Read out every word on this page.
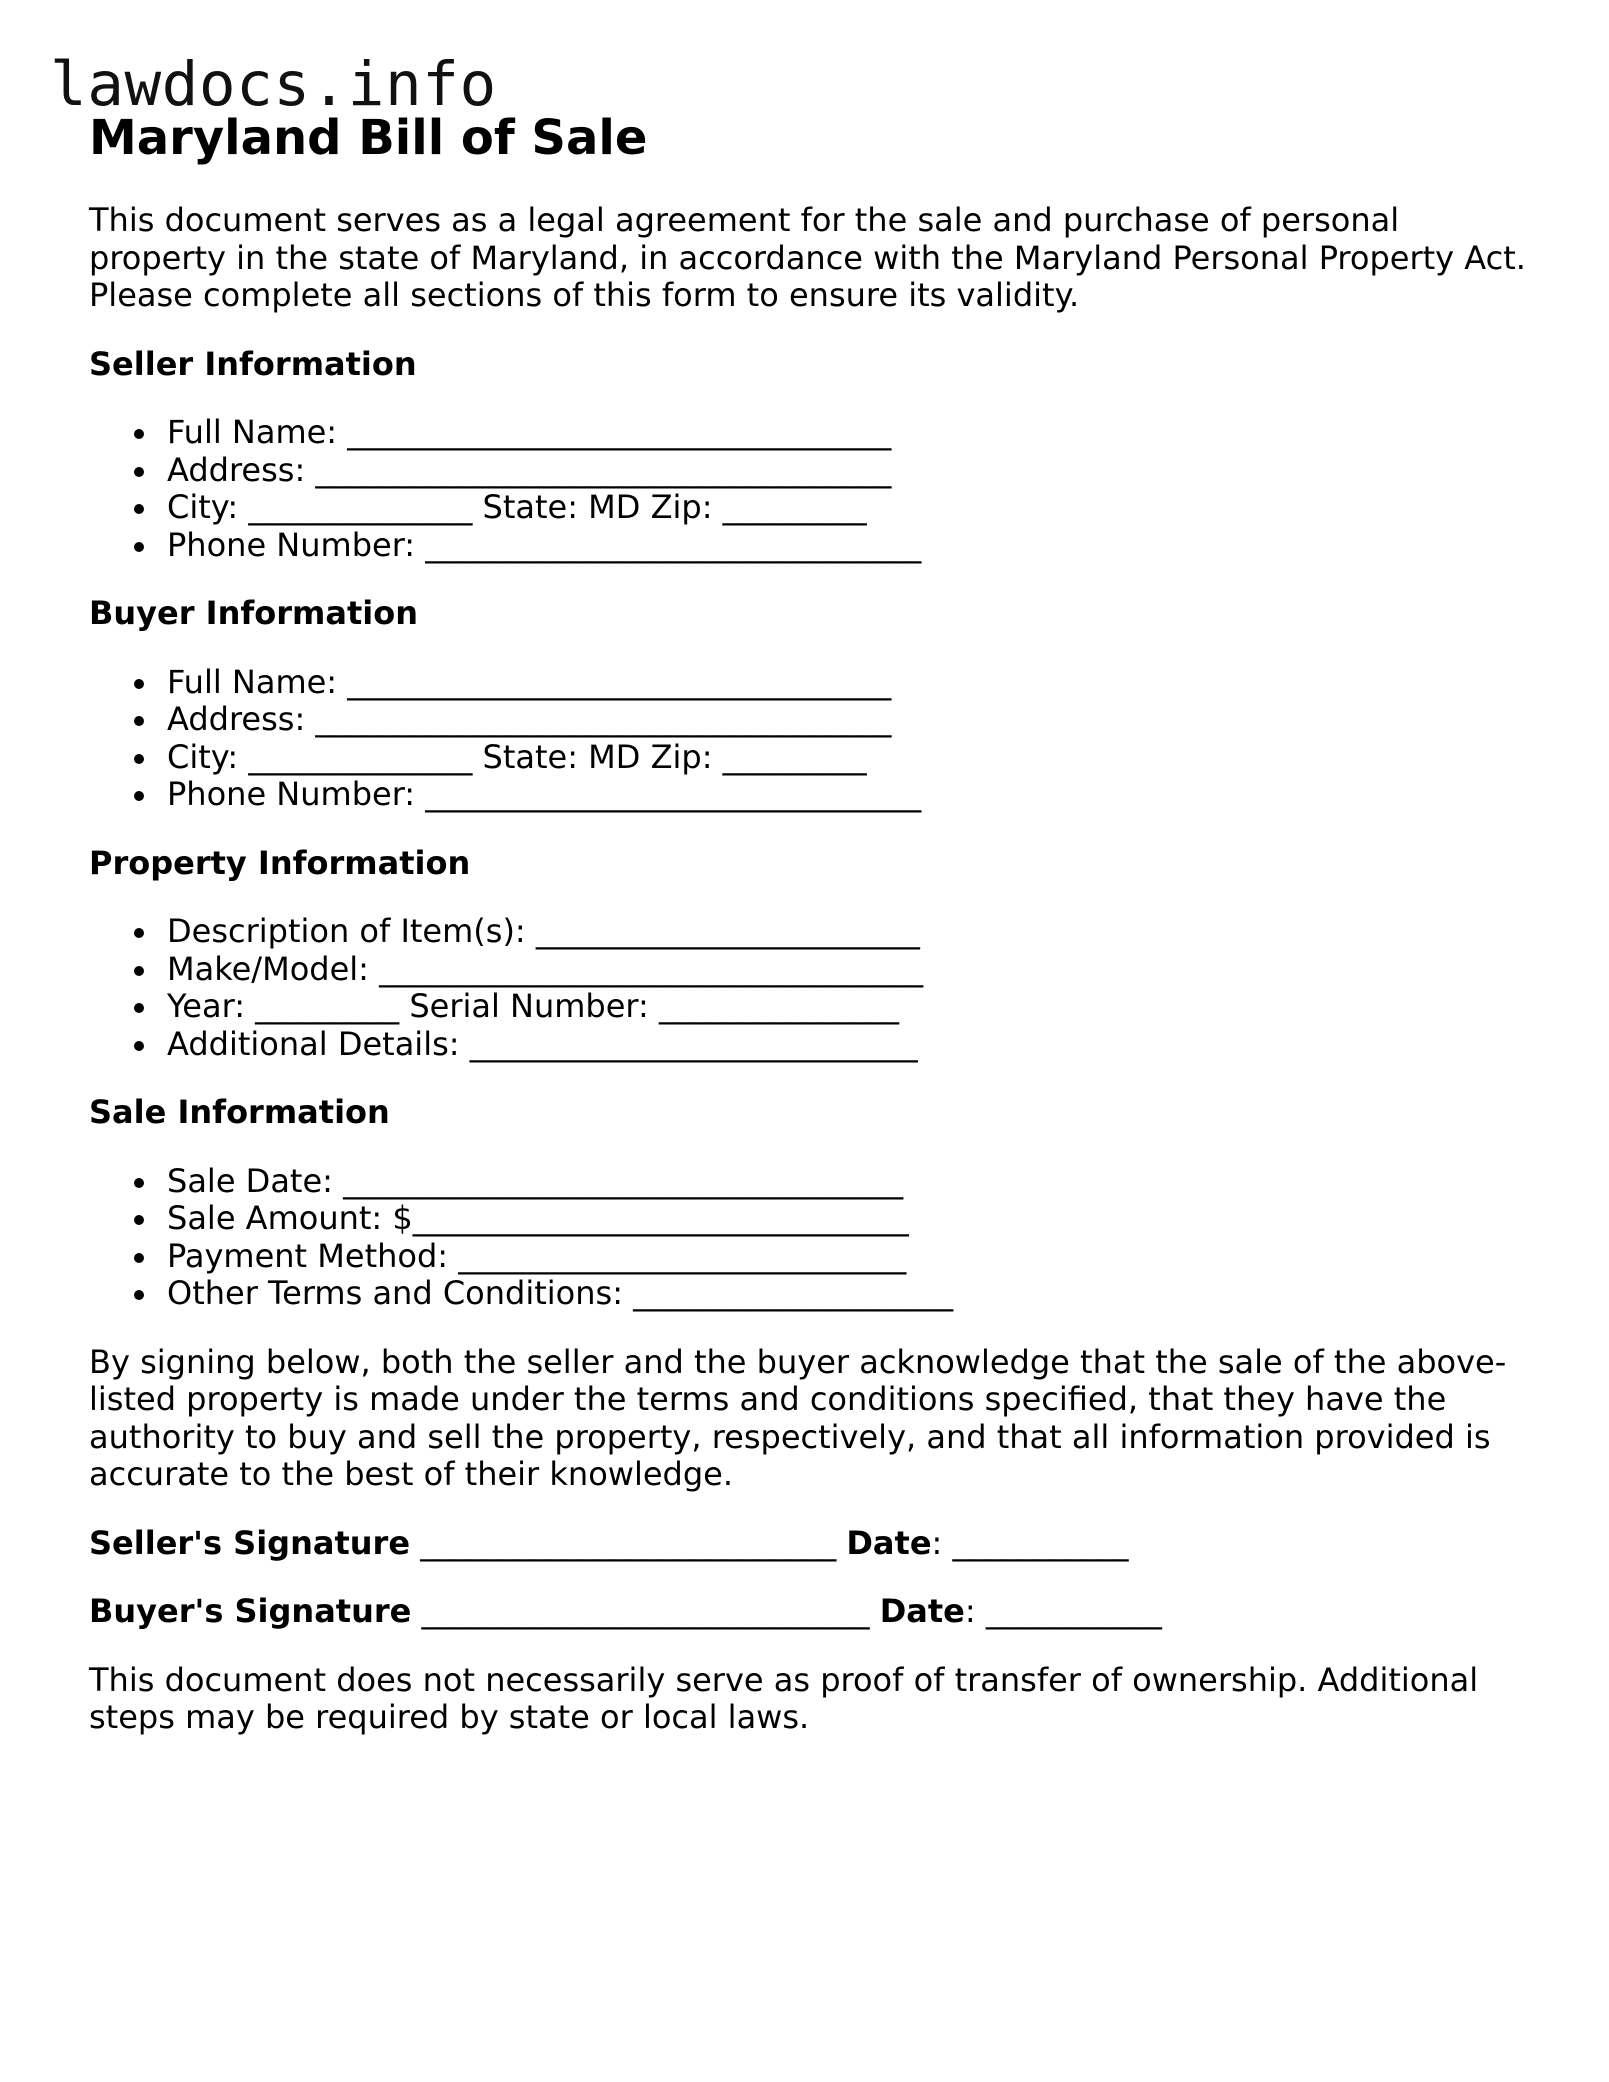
lawdocs.info
Maryland Bill of Sale

This document serves as a legal agreement for the sale and purchase of personal
property in the state of Maryland, in accordance with the Maryland Personal Property Act.
Please complete all sections of this form to ensure its validity.

Seller Information
Full Name: __________________________________
Address: ____________________________________
City: ______________ State: MD Zip: _________
Phone Number: _______________________________
Buyer Information
Full Name: __________________________________
Address: ____________________________________
City: ______________ State: MD Zip: _________
Phone Number: _______________________________
Property Information
Description of Item(s): ________________________
Make/Model: __________________________________
Year: _________ Serial Number: _______________
Additional Details: ____________________________
Sale Information
Sale Date: ___________________________________
Sale Amount: $_______________________________
Payment Method: ____________________________
Other Terms and Conditions: ____________________

By signing below, both the seller and the buyer acknowledge that the sale of the above-
listed property is made under the terms and conditions specified, that they have the
authority to buy and sell the property, respectively, and that all information provided is
accurate to the best of their knowledge.

Seller's Signature __________________________ Date: ___________
Buyer's Signature ____________________________ Date: ___________

This document does not necessarily serve as proof of transfer of ownership. Additional
steps may be required by state or local laws.
